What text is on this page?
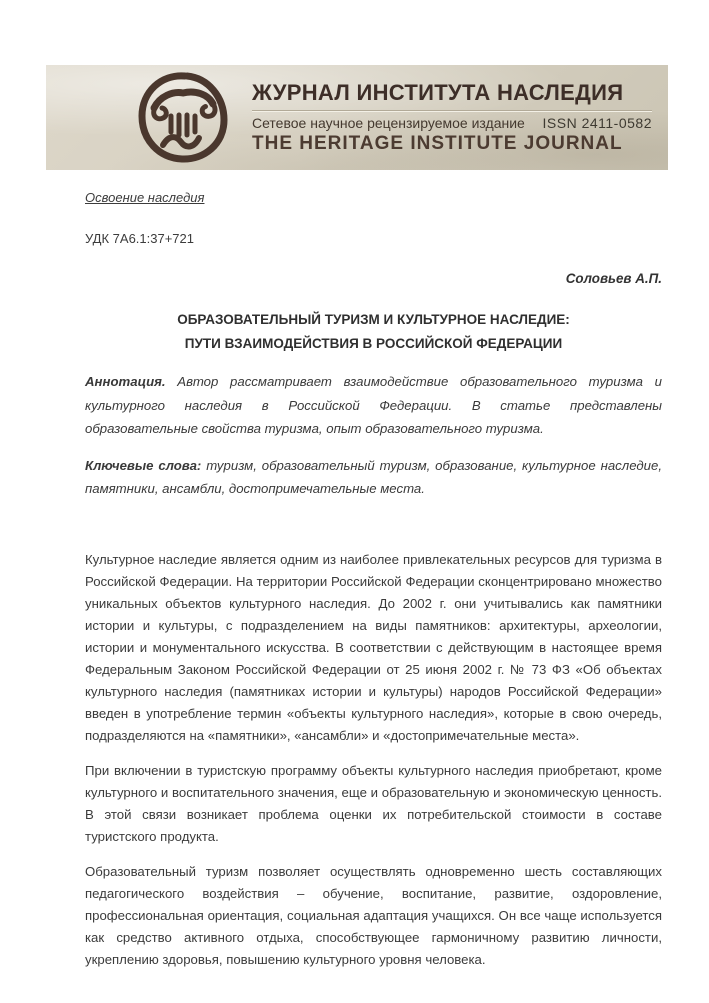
ЖУРНАЛ ИНСТИТУТА НАСЛЕДИЯ
Сетевое научное рецензируемое издание ISSN 2411-0582
THE HERITAGE INSTITUTE JOURNAL
Освоение наследия
УДК 7А6.1:37+721
Соловьев А.П.
ОБРАЗОВАТЕЛЬНЫЙ ТУРИЗМ И КУЛЬТУРНОЕ НАСЛЕДИЕ:
ПУТИ ВЗАИМОДЕЙСТВИЯ В РОССИЙСКОЙ ФЕДЕРАЦИИ

Аннотация. Автор рассматривает взаимодействие образовательного туризма и культурного наследия в Российской Федерации. В статье представлены образовательные свойства туризма, опыт образовательного туризма.

Ключевые слова: туризм, образовательный туризм, образование, культурное наследие, памятники, ансамбли, достопримечательные места.

Культурное наследие является одним из наиболее привлекательных ресурсов для туризма в Российской Федерации. На территории Российской Федерации сконцентрировано множество уникальных объектов культурного наследия. До 2002 г. они учитывались как памятники истории и культуры, с подразделением на виды памятников: архитектуры, археологии, истории и монументального искусства. В соответствии с действующим в настоящее время Федеральным Законом Российской Федерации от 25 июня 2002 г. № 73 ФЗ «Об объектах культурного наследия (памятниках истории и культуры) народов Российской Федерации» введен в употребление термин «объекты культурного наследия», которые в свою очередь, подразделяются на «памятники», «ансамбли» и «достопримечательные места».

При включении в туристскую программу объекты культурного наследия приобретают, кроме культурного и воспитательного значения, еще и образовательную и экономическую ценность. В этой связи возникает проблема оценки их потребительской стоимости в составе туристского продукта.

Образовательный туризм позволяет осуществлять одновременно шесть составляющих педагогического воздействия – обучение, воспитание, развитие, оздоровление, профессиональная ориентация, социальная адаптация учащихся. Он все чаще используется как средство активного отдыха, способствующее гармоничному развитию личности, укреплению здоровья, повышению культурного уровня человека.
